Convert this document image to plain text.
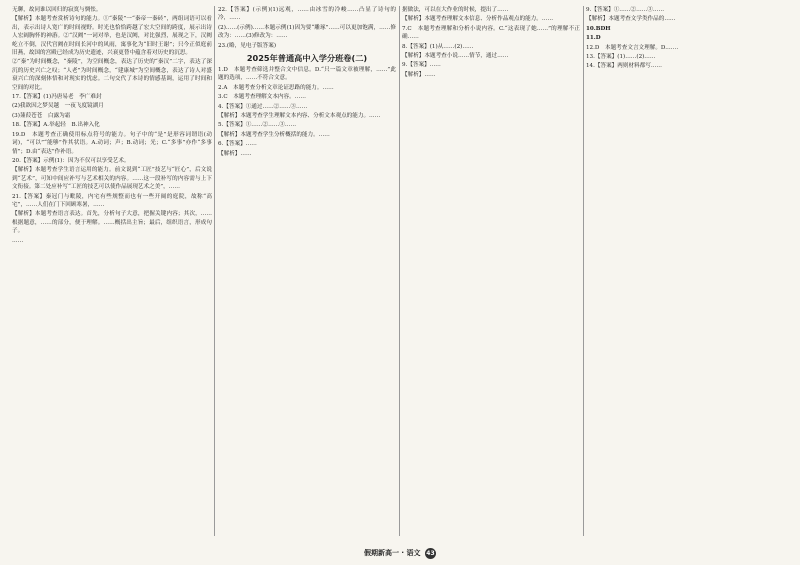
无聊，故同谁以回归的寂寞与惆怅。

【解析】本题考查赏析诗句的能力。①“秦陵”一“秦帝一秦砖”，两组词语可以看出，表示出诗人宽广的时间视野。时光也恰恰跨越了宏大空间的跨度，展示出诗人宏阔胸怀的神游。②“汉阙”一词对举，也是汉阙，对比强烈，展现之下，汉阙屹立不倒，汉代宫阙在时间长河中的风雨，寓事化为“旧时王谢”；只今正似庭前旧燕，故国的宫殿已经成为历史遗迹，兴衰更替中蕴含着对历史的沉思。

②“秦”为时间概念，“秦陵”，为空间概念，表达了历史的“秦汉”二字，表达了深沉的历史兴亡之叹；“人老”为时间概念，“建康城”为空间概念，表达了诗人对盛衰兴亡的深刻体悟和对现实的忧虑。二句交代了本诗的情感基调，运用了时间和空间的对比。

17.【答案】(1)冯唐易老　李广难封

(2)我欲因之梦吴越　一夜飞度镜湖月

(3)蒹葭苍苍　白露为霜

18.【答案】A.举起轻　B.出神入化

19.D　本题考查正确使用标点符号的能力。句子中的“是”是形容词谓语(动词)，“可以”“能够”作其状语。A.动词；声；B.动词；光；C.“多事”亦作“多事情”；D.由“表达”作补语。

20.【答案】示例(1)：因为不仅可以享受艺术。

【解析】本题考查学生语言运用的能力。前文说到“工匠”技艺与“匠心”，后文说到“艺术”，可知中间应补写与艺术相关的内容。……这一段补写的内容需与上下文衔接。第二处应补写“工匠的技艺可以使作品展现艺术之美”，……

21.【答案】秦冠门与毗陵，内宅有些规整而也有一些开阔的庭院，故称“高宅”，……人们在门下回顾寒暑，……

【解析】本题考查语言表达。首先，分析句子大意，把握关键内容；其次，……根据题意，……的部分，便于理解。……概括出主旨；最后，组织语言，形成句子。

……

22.【答案】(示例)(1)远观，……由冰雪的冷峻……凸显了诗句的冷，……

(2)……(示例)……本题示例(1)因为要“雕琢”……可以更加饱满，……修改为：……(3)修改为：……

23.(略，见电子版答案)

2025年普通高中入学分班卷(二)

1.D　本题考查筛选并整合文中信息。D.“只一篇文章被理解，……”此题的选项，……不符合文意。

2.A　本题考查分析文章论证思路的能力。……

3.C　本题考查理解文本内容。……

4.【答案】①通过……②……③……

【解析】本题考查学生理解文本内容、分析文本观点的能力。……

5.【答案】①……②……③……

【解析】本题考查学生分析概括的能力。……

6.【答案】……

【解析】……

据做法，可以在大作业的时候，提出了……

【解析】本题考查理解文本信息、分析作品观点的能力。……

7.C　本题考查理解和分析小说内容。C.“这表现了她……”的理解不正确……

8.【答案】(1)从……(2)……

【解析】本题考查小说……情节，通过……

9.【答案】……

【解析】……

9.【答案】①……②……③……

【解析】本题考查文学类作品的……

10.BDH

11.D

12.D　本题考查文言文理解。D.……

13.【答案】(1)……(2)……

14.【答案】两则材料都写……

假期新高一 · 语文 43
